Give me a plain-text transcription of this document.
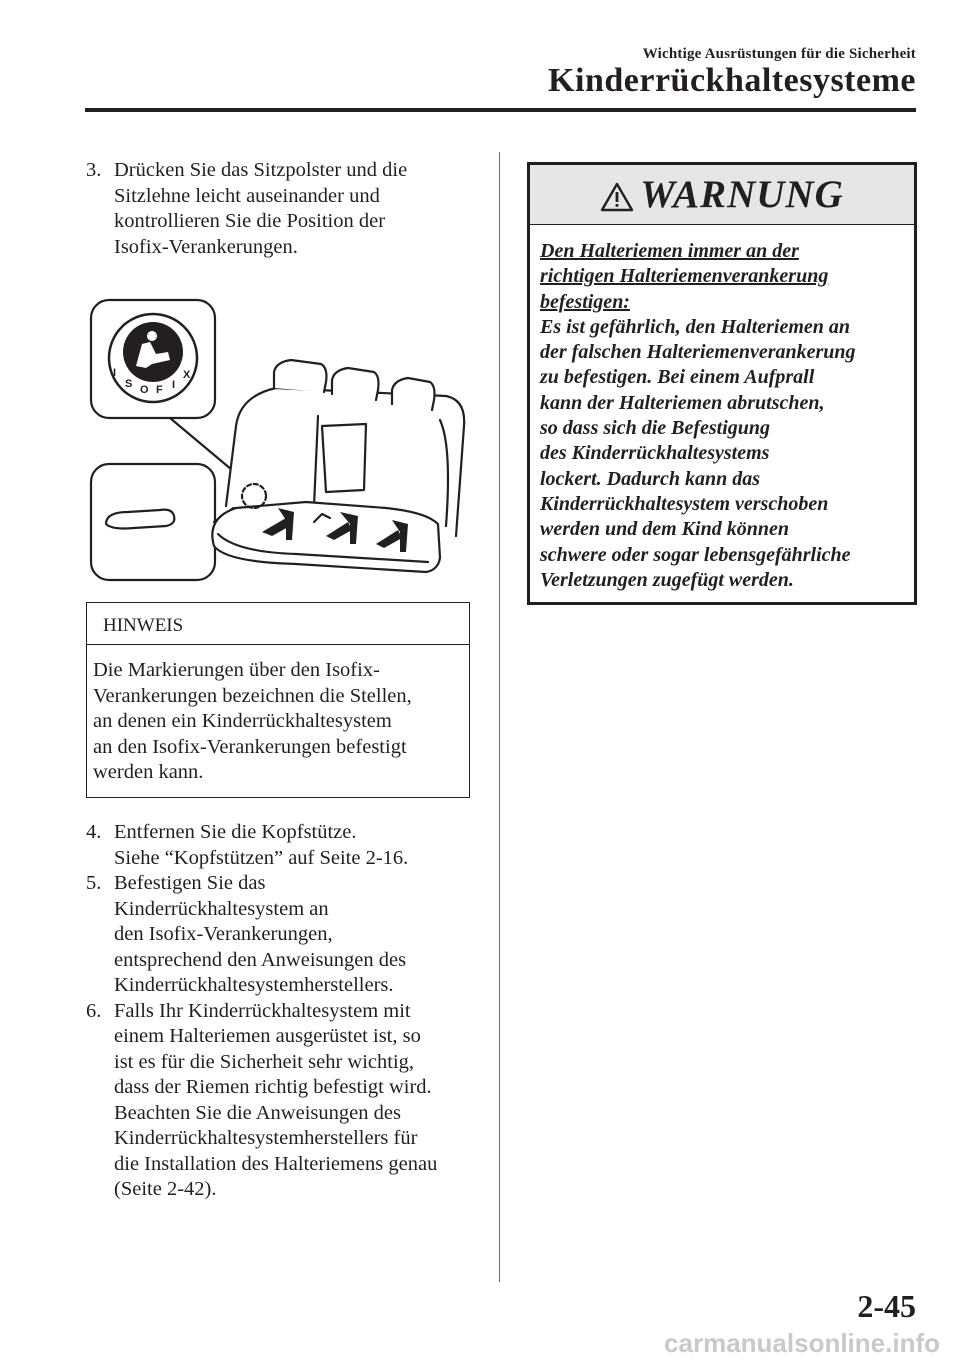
Wichtige Ausrüstungen für die Sicherheit
Kinderrückhaltesysteme
3. Drücken Sie das Sitzpolster und die
Sitzlehne leicht auseinander und
kontrollieren Sie die Position der
Isofix-Verankerungen.
I
S O F I
X
HINWEIS
Die Markierungen über den Isofix-
Verankerungen bezeichnen die Stellen,
an denen ein Kinderrückhaltesystem
an den Isofix-Verankerungen befestigt
werden kann.
4. Entfernen Sie die Kopfstütze.
Siehe “Kopfstützen” auf Seite 2-16.
5. Befestigen Sie das
Kinderrückhaltesystem an
den Isofix-Verankerungen,
entsprechend den Anweisungen des
Kinderrückhaltesystemherstellers.
6. Falls Ihr Kinderrückhaltesystem mit
einem Halteriemen ausgerüstet ist, so
ist es für die Sicherheit sehr wichtig,
dass der Riemen richtig befestigt wird.
Beachten Sie die Anweisungen des
Kinderrückhaltesystemherstellers für
die Installation des Halteriemens genau
(Seite 2-42).
WARNUNG
Den Halteriemen immer an der
richtigen Halteriemenverankerung
befestigen:
Es ist gefährlich, den Halteriemen an
der falschen Halteriemenverankerung
zu befestigen. Bei einem Aufprall
kann der Halteriemen abrutschen,
so dass sich die Befestigung
des Kinderrückhaltesystems
lockert. Dadurch kann das
Kinderrückhaltesystem verschoben
werden und dem Kind können
schwere oder sogar lebensgefährliche
Verletzungen zugefügt werden.
2-45
carmanualsonline.info
